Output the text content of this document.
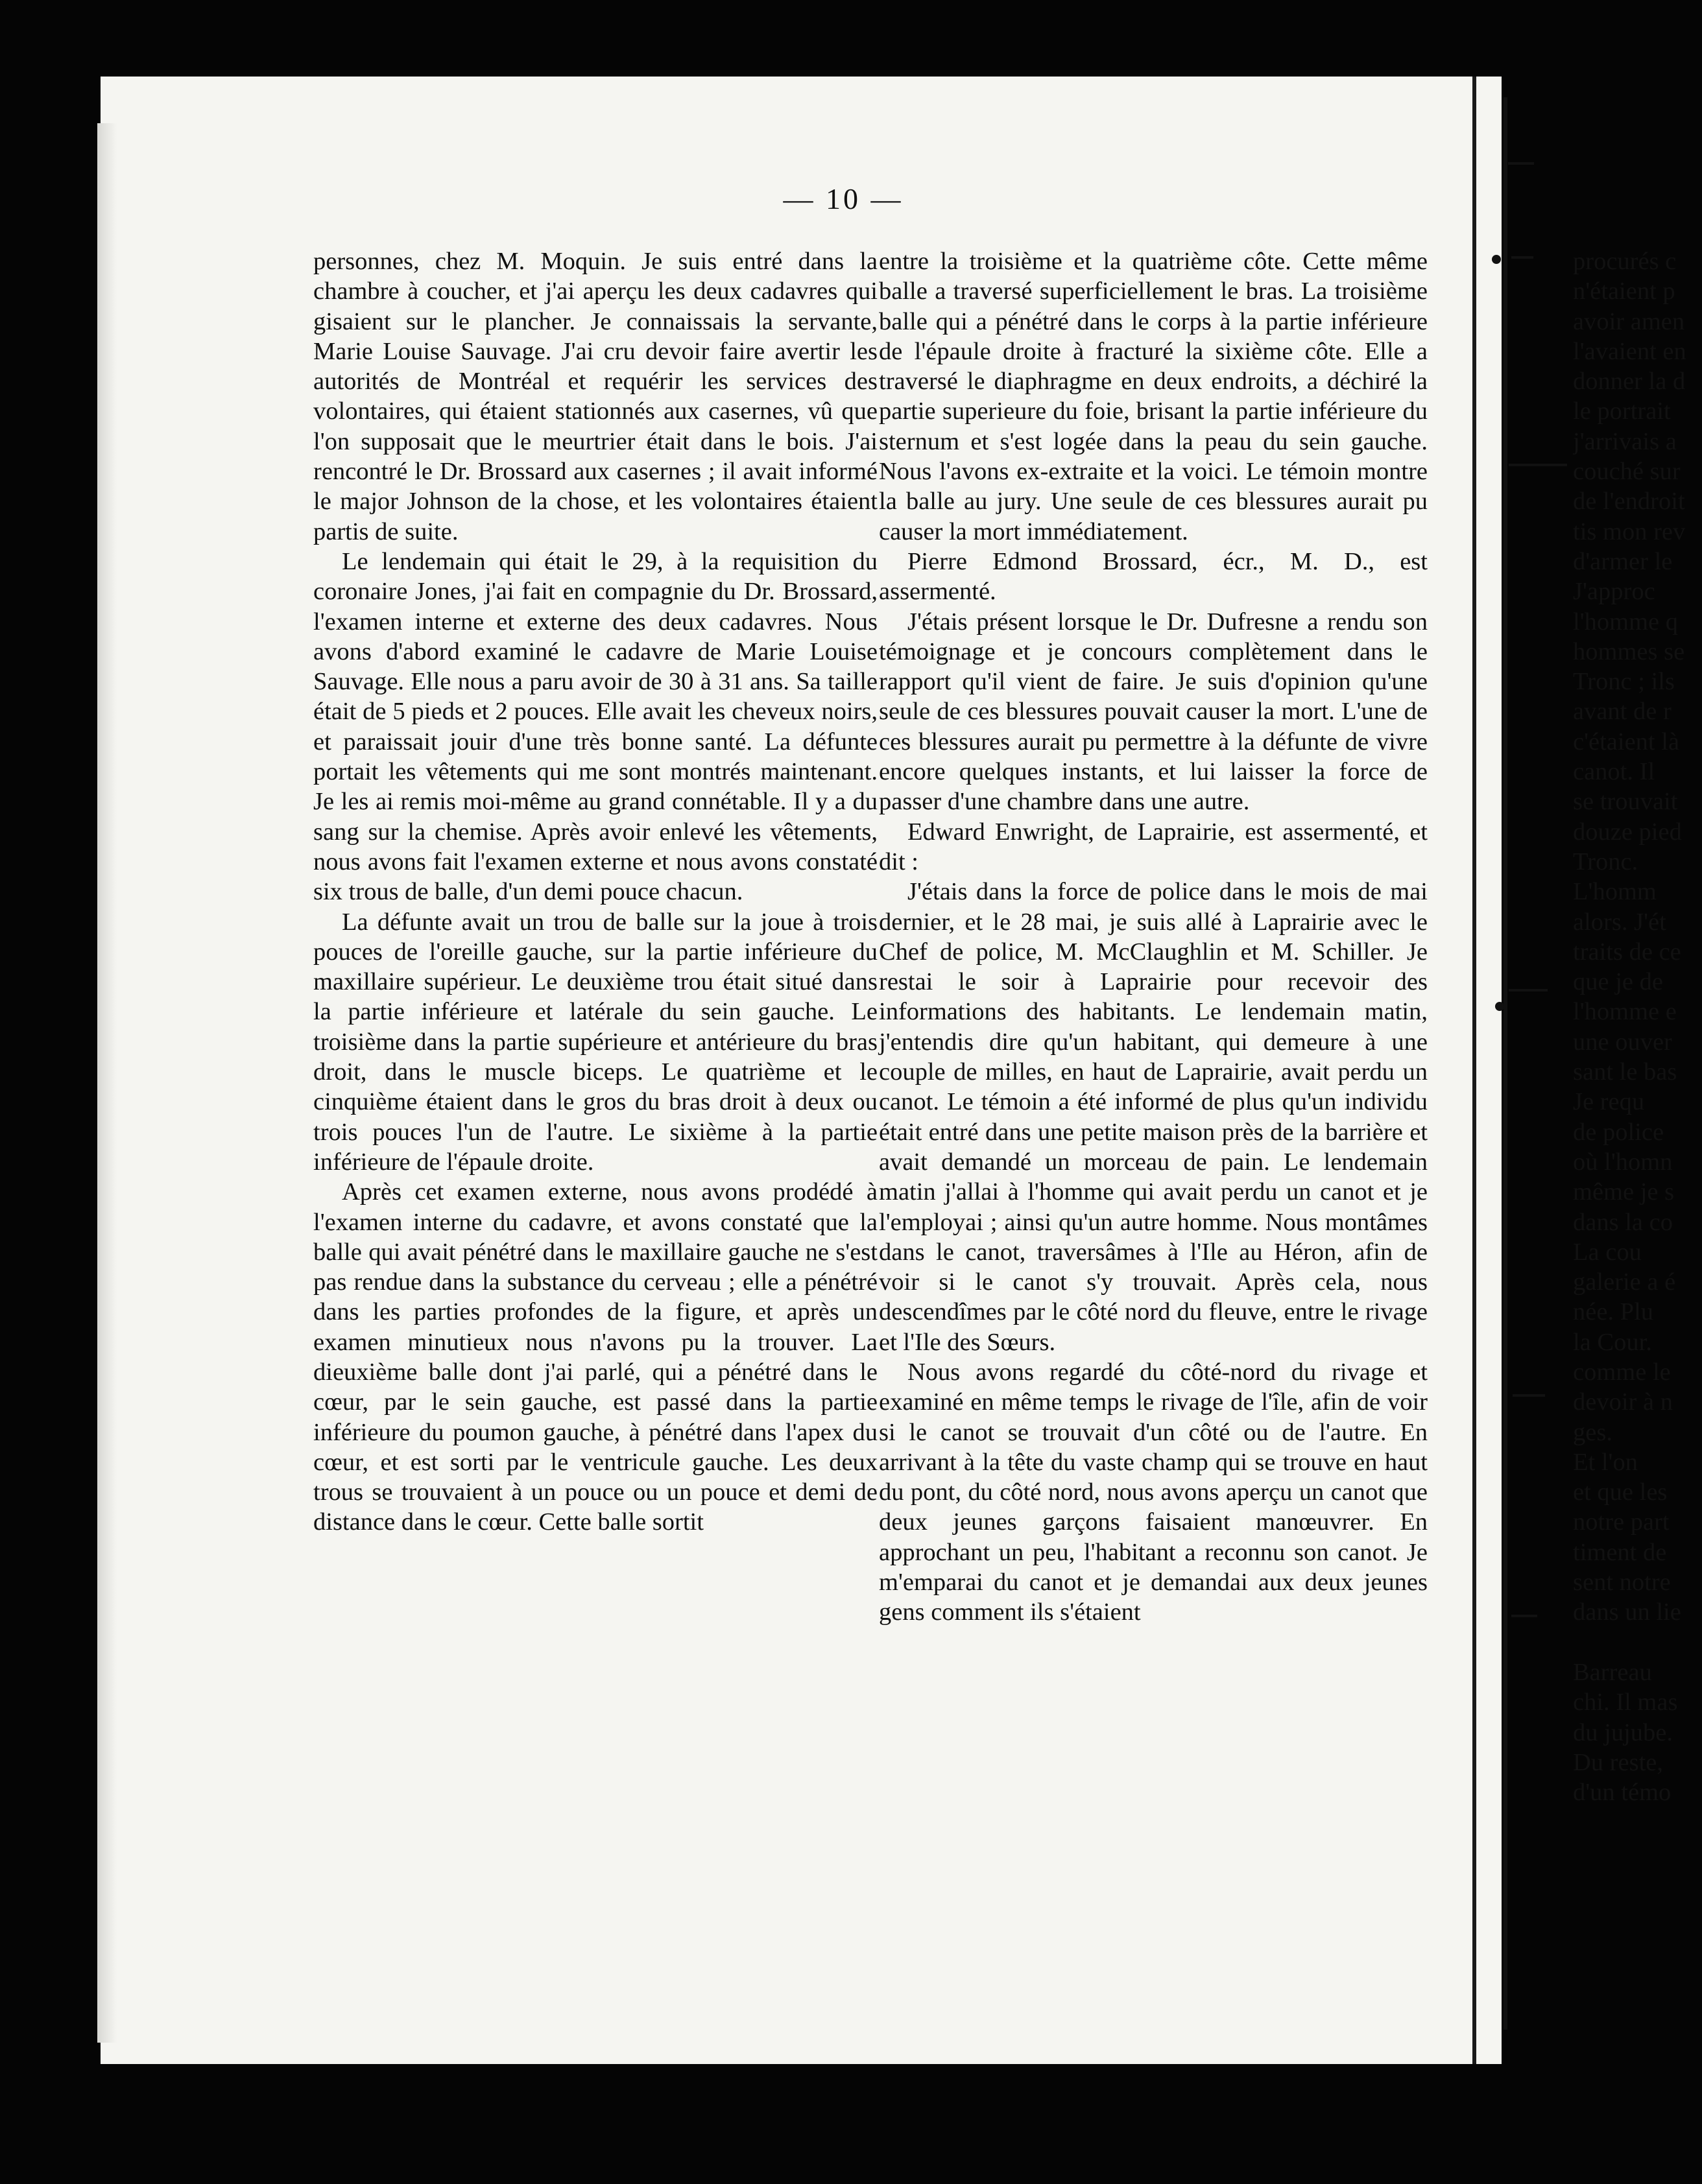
— 10 —

personnes, chez M. Moquin. Je suis entré dans la chambre à coucher, et j'ai aperçu les deux cadavres qui gisaient sur le plancher. Je connaissais la servante, Marie Louise Sauvage. J'ai cru devoir faire avertir les autorités de Montréal et requérir les services des volontaires, qui étaient stationnés aux casernes, vû que l'on supposait que le meurtrier était dans le bois. J'ai rencontré le Dr. Brossard aux casernes ; il avait informé le major Johnson de la chose, et les volontaires étaient partis de suite.

Le lendemain qui était le 29, à la requisition du coronaire Jones, j'ai fait en compagnie du Dr. Brossard, l'examen interne et externe des deux cadavres. Nous avons d'abord examiné le cadavre de Marie Louise Sauvage. Elle nous a paru avoir de 30 à 31 ans. Sa taille était de 5 pieds et 2 pouces. Elle avait les cheveux noirs, et paraissait jouir d'une très bonne santé. La défunte portait les vêtements qui me sont montrés maintenant. Je les ai remis moi-même au grand connétable. Il y a du sang sur la chemise. Après avoir enlevé les vêtements, nous avons fait l'examen externe et nous avons constaté six trous de balle, d'un demi pouce chacun.

La défunte avait un trou de balle sur la joue à trois pouces de l'oreille gauche, sur la partie inférieure du maxillaire supérieur. Le deuxième trou était situé dans la partie inférieure et latérale du sein gauche. Le troisième dans la partie supérieure et antérieure du bras droit, dans le muscle biceps. Le quatrième et le cinquième étaient dans le gros du bras droit à deux ou trois pouces l'un de l'autre. Le sixième à la partie inférieure de l'épaule droite.

Après cet examen externe, nous avons prodédé à l'examen interne du cadavre, et avons constaté que la balle qui avait pénétré dans le maxillaire gauche ne s'est pas rendue dans la substance du cerveau ; elle a pénétré dans les parties profondes de la figure, et après un examen minutieux nous n'avons pu la trouver. La dieuxième balle dont j'ai parlé, qui a pénétré dans le cœur, par le sein gauche, est passé dans la partie inférieure du poumon gauche, à pénétré dans l'apex du cœur, et est sorti par le ventricule gauche. Les deux trous se trouvaient à un pouce ou un pouce et demi de distance dans le cœur. Cette balle sortit

entre la troisième et la quatrième côte. Cette même balle a traversé superficiellement le bras. La troisième balle qui a pénétré dans le corps à la partie inférieure de l'épaule droite à fracturé la sixième côte. Elle a traversé le diaphragme en deux endroits, a déchiré la partie superieure du foie, brisant la partie inférieure du sternum et s'est logée dans la peau du sein gauche. Nous l'avons ex-extraite et la voici. Le témoin montre la balle au jury. Une seule de ces blessures aurait pu causer la mort immédiatement.

Pierre Edmond Brossard, écr., M. D., est assermenté.

J'étais présent lorsque le Dr. Dufresne a rendu son témoignage et je concours complètement dans le rapport qu'il vient de faire. Je suis d'opinion qu'une seule de ces blessures pouvait causer la mort. L'une de ces blessures aurait pu permettre à la défunte de vivre encore quelques instants, et lui laisser la force de passer d'une chambre dans une autre.

Edward Enwright, de Laprairie, est assermenté, et dit :

J'étais dans la force de police dans le mois de mai dernier, et le 28 mai, je suis allé à Laprairie avec le Chef de police, M. McClaughlin et M. Schiller. Je restai le soir à Laprairie pour recevoir des informations des habitants. Le lendemain matin, j'entendis dire qu'un habitant, qui demeure à une couple de milles, en haut de Laprairie, avait perdu un canot. Le témoin a été informé de plus qu'un individu était entré dans une petite maison près de la barrière et avait demandé un morceau de pain. Le lendemain matin j'allai à l'homme qui avait perdu un canot et je l'employai ; ainsi qu'un autre homme. Nous montâmes dans le canot, traversâmes à l'Ile au Héron, afin de voir si le canot s'y trouvait. Après cela, nous descendîmes par le côté nord du fleuve, entre le rivage et l'Ile des Sœurs.

Nous avons regardé du côté-nord du rivage et examiné en même temps le rivage de l'île, afin de voir si le canot se trouvait d'un côté ou de l'autre. En arrivant à la tête du vaste champ qui se trouve en haut du pont, du côté nord, nous avons aperçu un canot que deux jeunes garçons faisaient manœuvrer. En approchant un peu, l'habitant a reconnu son canot. Je m'emparai du canot et je demandai aux deux jeunes gens comment ils s'étaient

procurés c

n'étaient p

avoir amen

l'avaient en

donner la d

le portrait

j'arrivais a

couché sur

de l'endroit

tis mon rev

d'armer le

J'approc

l'homme q

hommes se

Tronc ; ils

avant de r

c'étaient là

canot. Il

se trouvait

douze pied

Tronc.

L'homm

alors. J'ét

traits de ce

que je de

l'homme e

une ouver

sant le bas

Je requ

de police

où l'homn

même je s

dans la co

La cou

galerie a é

née. Plu

la Cour.

comme le

devoir à n

ges.

Et l'on

et que les

notre part

timent de

sent notre

dans un lie

Barreau

chi. Il mas

du jujube.

Du reste,

d'un témo
